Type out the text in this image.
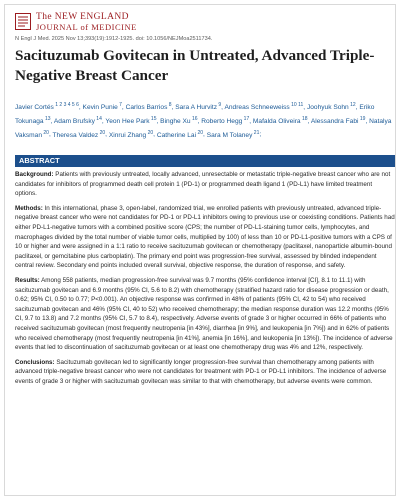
The NEW ENGLAND
JOURNAL of MEDICINE
N Engl J Med. 2025 Nov 13;393(19):1912-1925. doi: 10.1056/NEJMoa2511734.
Sacituzumab Govitecan in Untreated, Advanced Triple-Negative Breast Cancer
Javier Cortés $^{1 2 3 4 5 6}$, Kevin Punie $^7$, Carlos Barrios $^8$, Sara A Hurvitz $^9$, Andreas Schneeweiss $^{10 11}$, Joohyuk Sohn $^{12}$, Eriko Tokunaga $^{13}$, Adam Brufsky $^{14}$, Yeon Hee Park $^{15}$, Binghe Xu $^{16}$, Roberto Hegg $^{17}$, Mafalda Oliveira $^{18}$, Alessandra Fabi $^{19}$, Natalya Vaksman $^{20}$, Theresa Valdez $^{20}$, Xinrui Zhang $^{20}$, Catherine Lai $^{20}$, Sara M Tolaney $^{21}$;
ABSTRACT

Background: Patients with previously untreated, locally advanced, unresectable or metastatic triple-negative breast cancer who are not candidates for inhibitors of programmed death cell protein 1 (PD-1) or programmed death ligand 1 (PD-L1) have limited treatment options.

Methods: In this international, phase 3, open-label, randomized trial, we enrolled patients with previously untreated, advanced triple-negative breast cancer who were not candidates for PD-1 or PD-L1 inhibitors owing to previous use or coexisting conditions. Patients had either PD-L1-negative tumors with a combined positive score (CPS; the number of PD-L1-staining tumor cells, lymphocytes, and macrophages divided by the total number of viable tumor cells, multiplied by 100) of less than 10 or PD-L1-positive tumors with a CPS of 10 or higher and were assigned in a 1:1 ratio to receive sacituzumab govitecan or chemotherapy (paclitaxel, nanoparticle albumin-bound paclitaxel, or gemcitabine plus carboplatin). The primary end point was progression-free survival, assessed by blinded independent central review. Secondary end points included overall survival, objective response, the duration of response, and safety.

Results: Among 558 patients, median progression-free survival was 9.7 months (95% confidence interval [CI], 8.1 to 11.1) with sacituzumab govitecan and 6.9 months (95% CI, 5.6 to 8.2) with chemotherapy (stratified hazard ratio for disease progression or death, 0.62; 95% CI, 0.50 to 0.77; P<0.001). An objective response was confirmed in 48% of patients (95% CI, 42 to 54) who received sacituzumab govitecan and 46% (95% CI, 40 to 52) who received chemotherapy; the median response duration was 12.2 months (95% CI, 9.7 to 13.8) and 7.2 months (95% CI, 5.7 to 8.4), respectively. Adverse events of grade 3 or higher occurred in 66% of patients who received sacituzumab govitecan (most frequently neutropenia [in 43%], diarrhea [in 9%], and leukopenia [in 7%]) and in 62% of patients who received chemotherapy (most frequently neutropenia [in 41%], anemia [in 16%], and leukopenia [in 13%]). The incidence of adverse events that led to discontinuation of sacituzumab govitecan or at least one chemotherapy drug was 4% and 12%, respectively.

Conclusions: Sacituzumab govitecan led to significantly longer progression-free survival than chemotherapy among patients with advanced triple-negative breast cancer who were not candidates for treatment with PD-1 or PD-L1 inhibitors. The incidence of adverse events of grade 3 or higher with sacituzumab govitecan was similar to that with chemotherapy, but adverse events were common.
